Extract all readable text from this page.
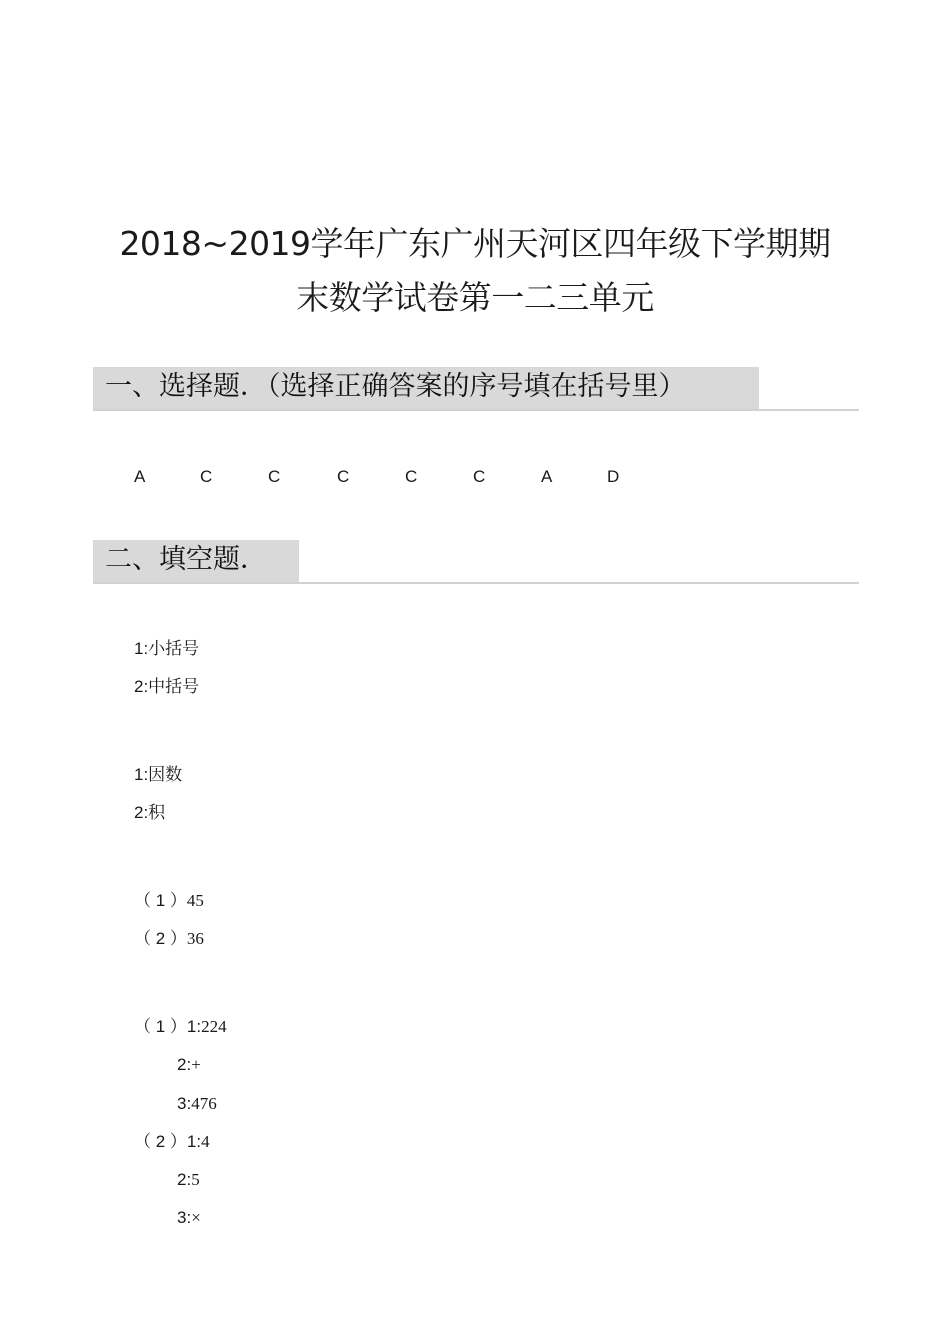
2018~2019学年广东广州天河区四年级下学期期
末数学试卷第一二三单元
一、选择题．（选择正确答案的序号填在括号里）
A	C	C	C	C	C	A	D
二、填空题．
1:小括号
2:中括号
1:因数
2:积
（ 1 ）45
（ 2 ）36
（ 1 ）1:224
2:+
3:476
（ 2 ）1:4
2:5
3:×
